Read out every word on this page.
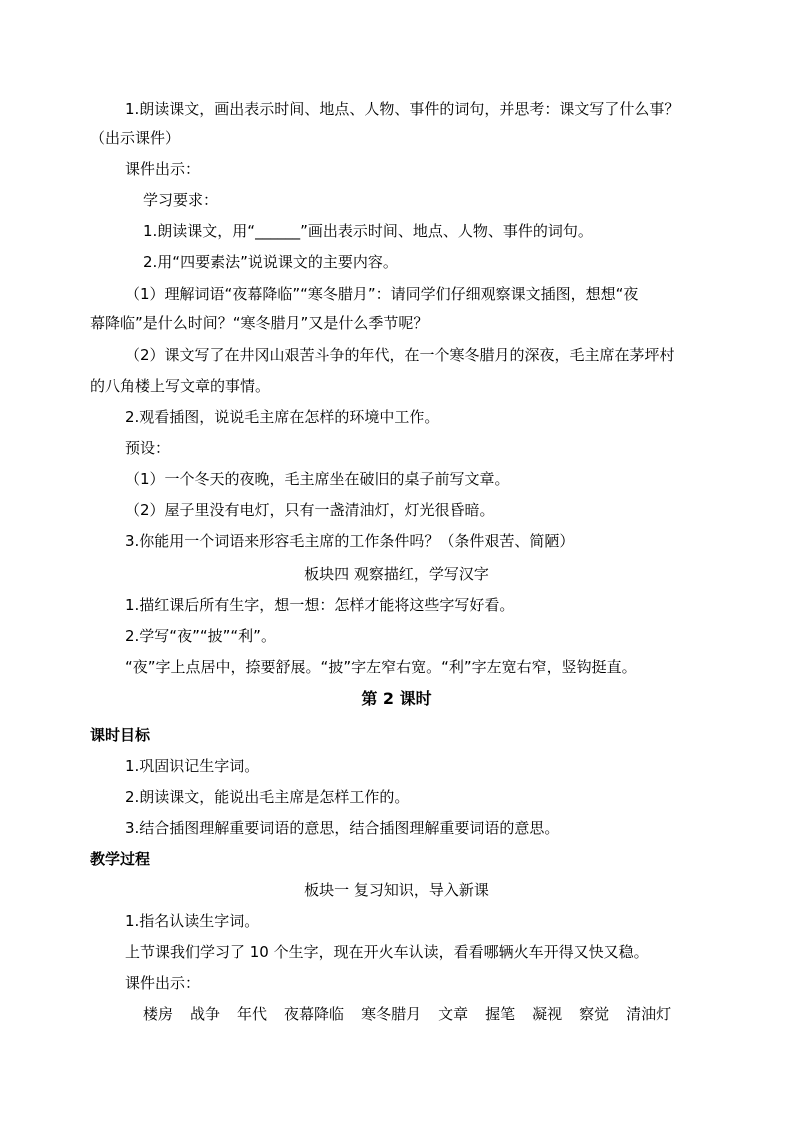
1.朗读课文，画出表示时间、地点、人物、事件的词句，并思考：课文写了什么事？
（出示课件）
课件出示：
学习要求：
1.朗读课文，用“______”画出表示时间、地点、人物、事件的词句。
2.用“四要素法”说说课文的主要内容。
（1）理解词语“夜幕降临”“寒冬腊月”：请同学们仔细观察课文插图，想想“夜
幕降临”是什么时间？“寒冬腊月”又是什么季节呢？
（2）课文写了在井冈山艰苦斗争的年代，在一个寒冬腊月的深夜，毛主席在茅坪村
的八角楼上写文章的事情。
2.观看插图，说说毛主席在怎样的环境中工作。
预设：
（1）一个冬天的夜晚，毛主席坐在破旧的桌子前写文章。
（2）屋子里没有电灯，只有一盏清油灯，灯光很昏暗。
3.你能用一个词语来形容毛主席的工作条件吗？（条件艰苦、简陋）
板块四 观察描红，学写汉字
1.描红课后所有生字，想一想：怎样才能将这些字写好看。
2.学写“夜”“披”“利”。
“夜”字上点居中，捺要舒展。“披”字左窄右宽。“利”字左宽右窄，竖钩挺直。
第 2 课时
课时目标
1.巩固识记生字词。
2.朗读课文，能说出毛主席是怎样工作的。
3.结合插图理解重要词语的意思，结合插图理解重要词语的意思。
教学过程
板块一 复习知识，导入新课
1.指名认读生字词。
上节课我们学习了 10 个生字，现在开火车认读，看看哪辆火车开得又快又稳。
课件出示：
楼房 战争 年代 夜幕降临 寒冬腊月 文章 握笔 凝视 察觉 清油灯
